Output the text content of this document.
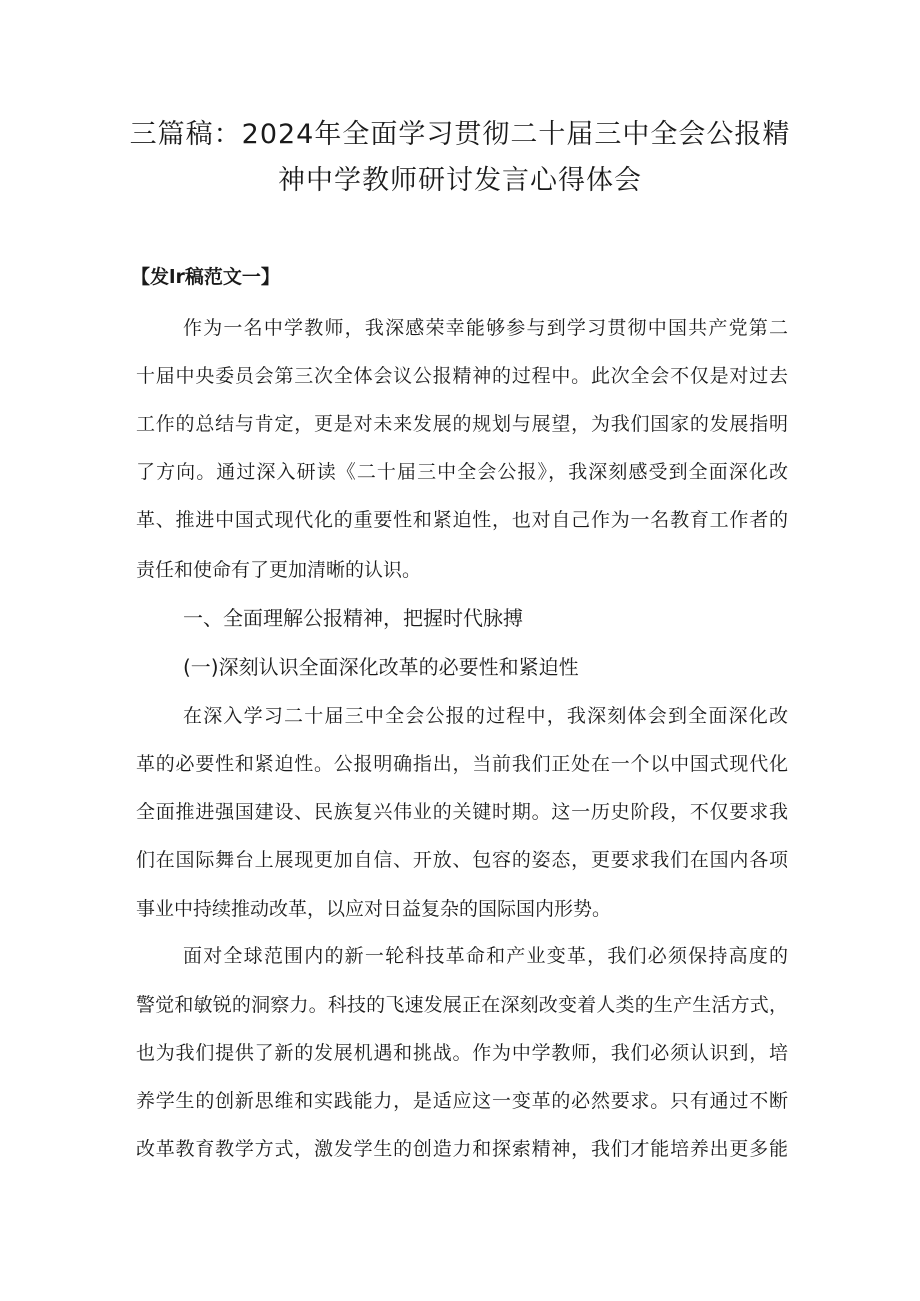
三篇稿：2024年全面学习贯彻二十届三中全会公报精
神中学教师研讨发言心得体会
【发lr稿范文一】
作为一名中学教师，我深感荣幸能够参与到学习贯彻中国共产党第二
十届中央委员会第三次全体会议公报精神的过程中。此次全会不仅是对过去
工作的总结与肯定，更是对未来发展的规划与展望，为我们国家的发展指明
了方向。通过深入研读《二十届三中全会公报》，我深刻感受到全面深化改
革、推进中国式现代化的重要性和紧迫性，也对自己作为一名教育工作者的
责任和使命有了更加清晰的认识。
一、全面理解公报精神，把握时代脉搏
(一)深刻认识全面深化改革的必要性和紧迫性
在深入学习二十届三中全会公报的过程中，我深刻体会到全面深化改
革的必要性和紧迫性。公报明确指出，当前我们正处在一个以中国式现代化
全面推进强国建设、民族复兴伟业的关键时期。这一历史阶段，不仅要求我
们在国际舞台上展现更加自信、开放、包容的姿态，更要求我们在国内各项
事业中持续推动改革，以应对日益复杂的国际国内形势。
面对全球范围内的新一轮科技革命和产业变革，我们必须保持高度的
警觉和敏锐的洞察力。科技的飞速发展正在深刻改变着人类的生产生活方式，
也为我们提供了新的发展机遇和挑战。作为中学教师，我们必须认识到，培
养学生的创新思维和实践能力，是适应这一变革的必然要求。只有通过不断
改革教育教学方式，激发学生的创造力和探索精神，我们才能培养出更多能
